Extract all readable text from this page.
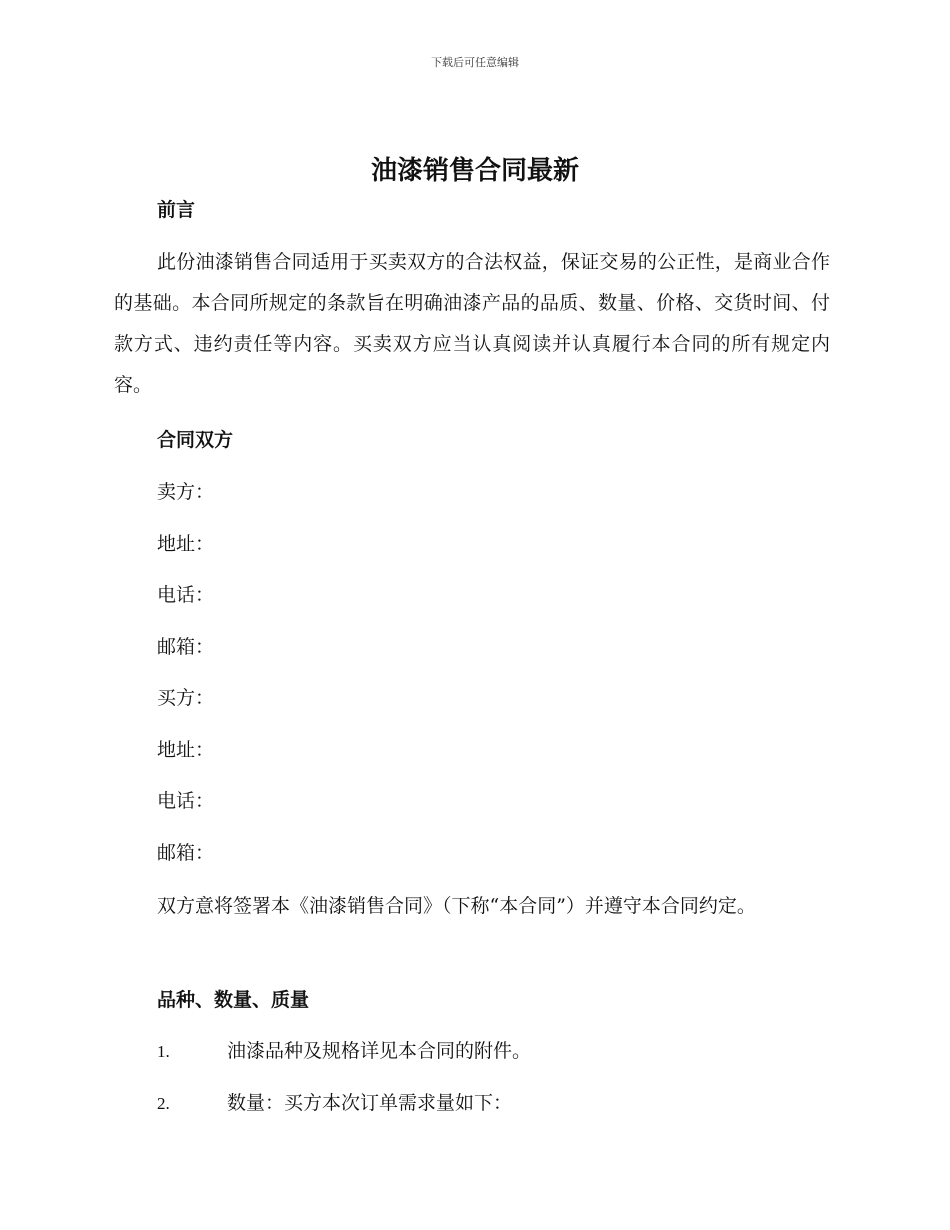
下载后可任意编辑
油漆销售合同最新
前言
此份油漆销售合同适用于买卖双方的合法权益，保证交易的公正性，是商业合作的基础。本合同所规定的条款旨在明确油漆产品的品质、数量、价格、交货时间、付款方式、违约责任等内容。买卖双方应当认真阅读并认真履行本合同的所有规定内容。
合同双方
卖方：
地址：
电话：
邮箱：
买方：
地址：
电话：
邮箱：
双方意将签署本《油漆销售合同》（下称“本合同”）并遵守本合同约定。
品种、数量、质量
1.	油漆品种及规格详见本合同的附件。
2.	数量：买方本次订单需求量如下：
